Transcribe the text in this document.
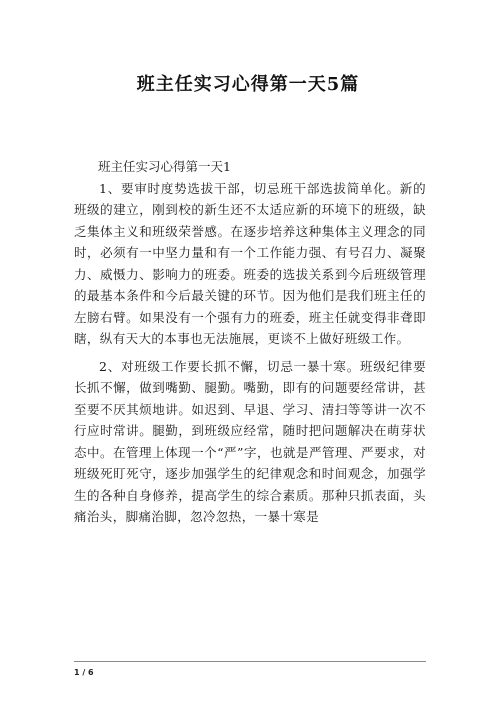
班主任实习心得第一天5篇

班主任实习心得第一天1

1、要审时度势选拔干部，切忌班干部选拔简单化。新的班级的建立，刚到校的新生还不太适应新的环境下的班级，缺乏集体主义和班级荣誉感。在逐步培养这种集体主义理念的同时，必须有一中坚力量和有一个工作能力强、有号召力、凝聚力、威慑力、影响力的班委。班委的选拔关系到今后班级管理的最基本条件和今后最关键的环节。因为他们是我们班主任的左膀右臂。如果没有一个强有力的班委，班主任就变得非聋即瞎，纵有天大的本事也无法施展，更谈不上做好班级工作。

2、对班级工作要长抓不懈，切忌一暴十寒。班级纪律要长抓不懈，做到嘴勤、腿勤。嘴勤，即有的问题要经常讲，甚至要不厌其烦地讲。如迟到、早退、学习、清扫等等讲一次不行应时常讲。腿勤，到班级应经常，随时把问题解决在萌芽状态中。在管理上体现一个“严”字，也就是严管理、严要求，对班级死盯死守，逐步加强学生的纪律观念和时间观念，加强学生的各种自身修养，提高学生的综合素质。那种只抓表面，头痛治头，脚痛治脚，忽冷忽热，一暴十寒是

1 / 6
